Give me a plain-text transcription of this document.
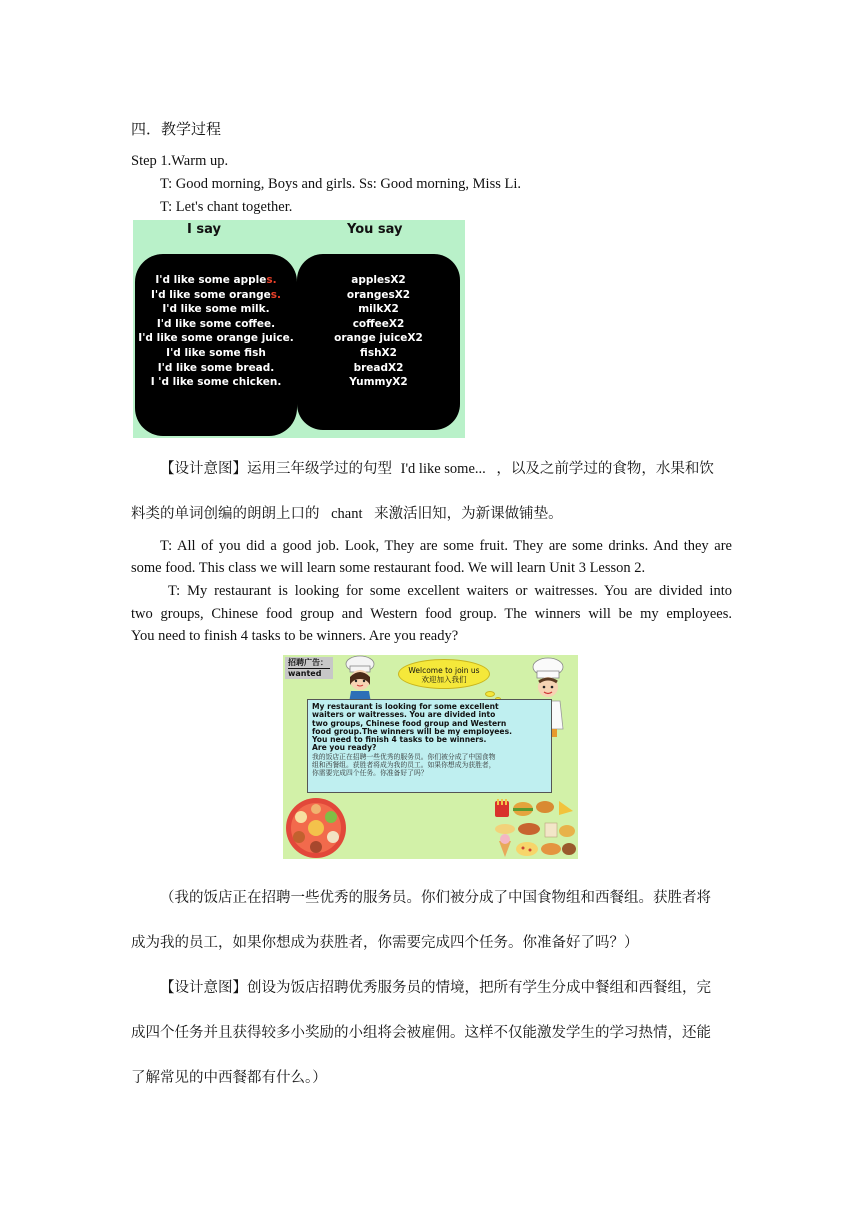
四．教学过程
Step 1.Warm up.
T: Good morning, Boys and girls. Ss: Good morning, Miss Li.
T: Let's chant together.
I say	You say
I'd like some apples.
I'd like some oranges.
I'd like some milk.
I'd like some coffee.
I'd like some orange juice.
I'd like some fish
I'd like some bread.
I 'd like some chicken.
applesX2
orangesX2
milkX2
coffeeX2
orange juiceX2
fishX2
breadX2
YummyX2
【设计意图】运用三年级学过的句型 I'd like some... ，以及之前学过的食物，水果和饮
料类的单词创编的朗朗上口的 chant 来激活旧知，为新课做铺垫。
T: All of you did a good job. Look, They are some fruit. They are some drinks. And they are
some food. This class we will learn some restaurant food. We will learn Unit 3 Lesson 2.
T: My restaurant is looking for some excellent waiters or waitresses. You are divided into
two groups, Chinese food group and Western food group. The winners will be my employees.
You need to finish 4 tasks to be winners. Are you ready?
招聘广告：
wanted	Welcome to join us
欢迎加入我们
My restaurant is looking for some excellent
waiters or waitresses. You are divided into
two groups, Chinese food group and Western
food group.The winners will be my employees.
You need to finish 4 tasks to be winners.
Are you ready?
我的饭店正在招聘一些优秀的服务员。你们被分成了中国食物
组和西餐组。获胜者将成为我的员工。如果你想成为获胜者，
你需要完成四个任务。你准备好了吗？
（我的饭店正在招聘一些优秀的服务员。你们被分成了中国食物组和西餐组。获胜者将
成为我的员工，如果你想成为获胜者，你需要完成四个任务。你准备好了吗？）
【设计意图】创设为饭店招聘优秀服务员的情境，把所有学生分成中餐组和西餐组，完
成四个任务并且获得较多小奖励的小组将会被雇佣。这样不仅能激发学生的学习热情，还能
了解常见的中西餐都有什么。）
